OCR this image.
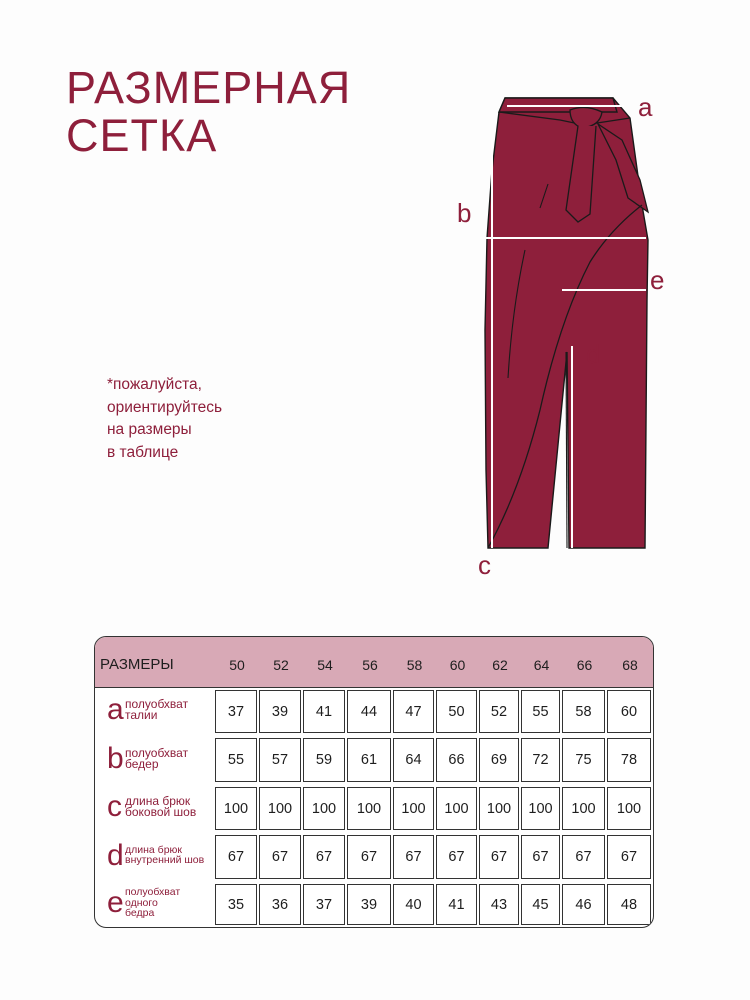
РАЗМЕРНАЯ
СЕТКА
*пожалуйста,
ориентируйтесь
на размеры
в таблице
a
b
c
d
e
РАЗМЕРЫ	50	52	54	56	58	60	62	64	66	68
a полуобхват
талии	37	39	41	44	47	50	52	55	58	60
b полуобхват
бедер	55	57	59	61	64	66	69	72	75	78
c длина брюк
боковой шов	100	100	100	100	100	100	100	100	100	100
d длина брюк
внутренний шов	67	67	67	67	67	67	67	67	67	67
e полуобхват
одного
бедра
35	36	37	39	40	41	43	45	46	48
